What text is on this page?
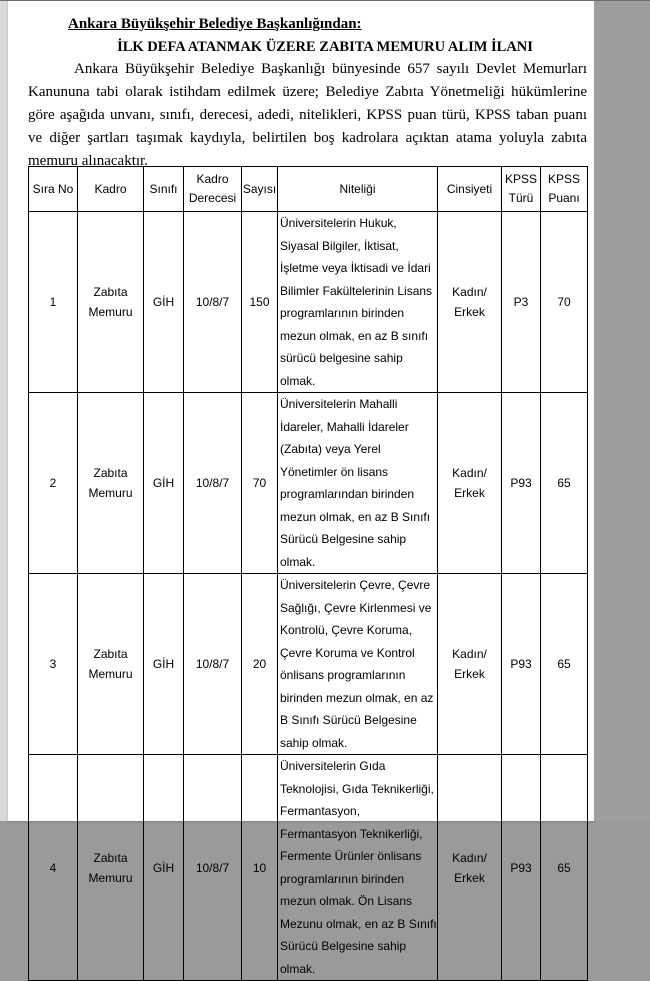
Ankara Büyükşehir Belediye Başkanlığından:
İLK DEFA ATANMAK ÜZERE ZABITA MEMURU ALIM İLANI
Ankara Büyükşehir Belediye Başkanlığı bünyesinde 657 sayılı Devlet Memurları Kanununa tabi olarak istihdam edilmek üzere; Belediye Zabıta Yönetmeliği hükümlerine göre aşağıda unvanı, sınıfı, derecesi, adedi, nitelikleri, KPSS puan türü, KPSS taban puanı ve diğer şartları taşımak kaydıyla, belirtilen boş kadrolara açıktan atama yoluyla zabıta memuru alınacaktır.
Sıra No	Kadro	Sınıfı	Kadro Derecesi	Sayısı	Niteliği	Cinsiyeti	KPSS Türü	KPSS Puanı
1	Zabıta Memuru	GİH	10/8/7	150	Üniversitelerin Hukuk, Siyasal Bilgiler, İktisat, İşletme veya İktisadi ve İdari Bilimler Fakültelerinin Lisans programlarının birinden mezun olmak, en az B sınıfı sürücü belgesine sahip olmak.	Kadın/ Erkek	P3	70
2	Zabıta Memuru	GİH	10/8/7	70	Üniversitelerin Mahalli İdareler, Mahalli İdareler (Zabıta) veya Yerel Yönetimler ön lisans programlarından birinden mezun olmak, en az B Sınıfı Sürücü Belgesine sahip olmak.	Kadın/ Erkek	P93	65
3	Zabıta Memuru	GİH	10/8/7	20	Üniversitelerin Çevre, Çevre Sağlığı, Çevre Kirlenmesi ve Kontrolü, Çevre Koruma, Çevre Koruma ve Kontrol önlisans programlarının birinden mezun olmak, en az B Sınıfı Sürücü Belgesine sahip olmak.	Kadın/ Erkek	P93	65
4	Zabıta Memuru	GİH	10/8/7	10	Üniversitelerin Gıda Teknolojisi, Gıda Teknikerliği, Fermantasyon, Fermantasyon Teknikerliği, Fermente Ürünler önlisans programlarının birinden mezun olmak. Ön Lisans Mezunu olmak, en az B Sınıfı Sürücü Belgesine sahip olmak.	Kadın/ Erkek	P93	65
